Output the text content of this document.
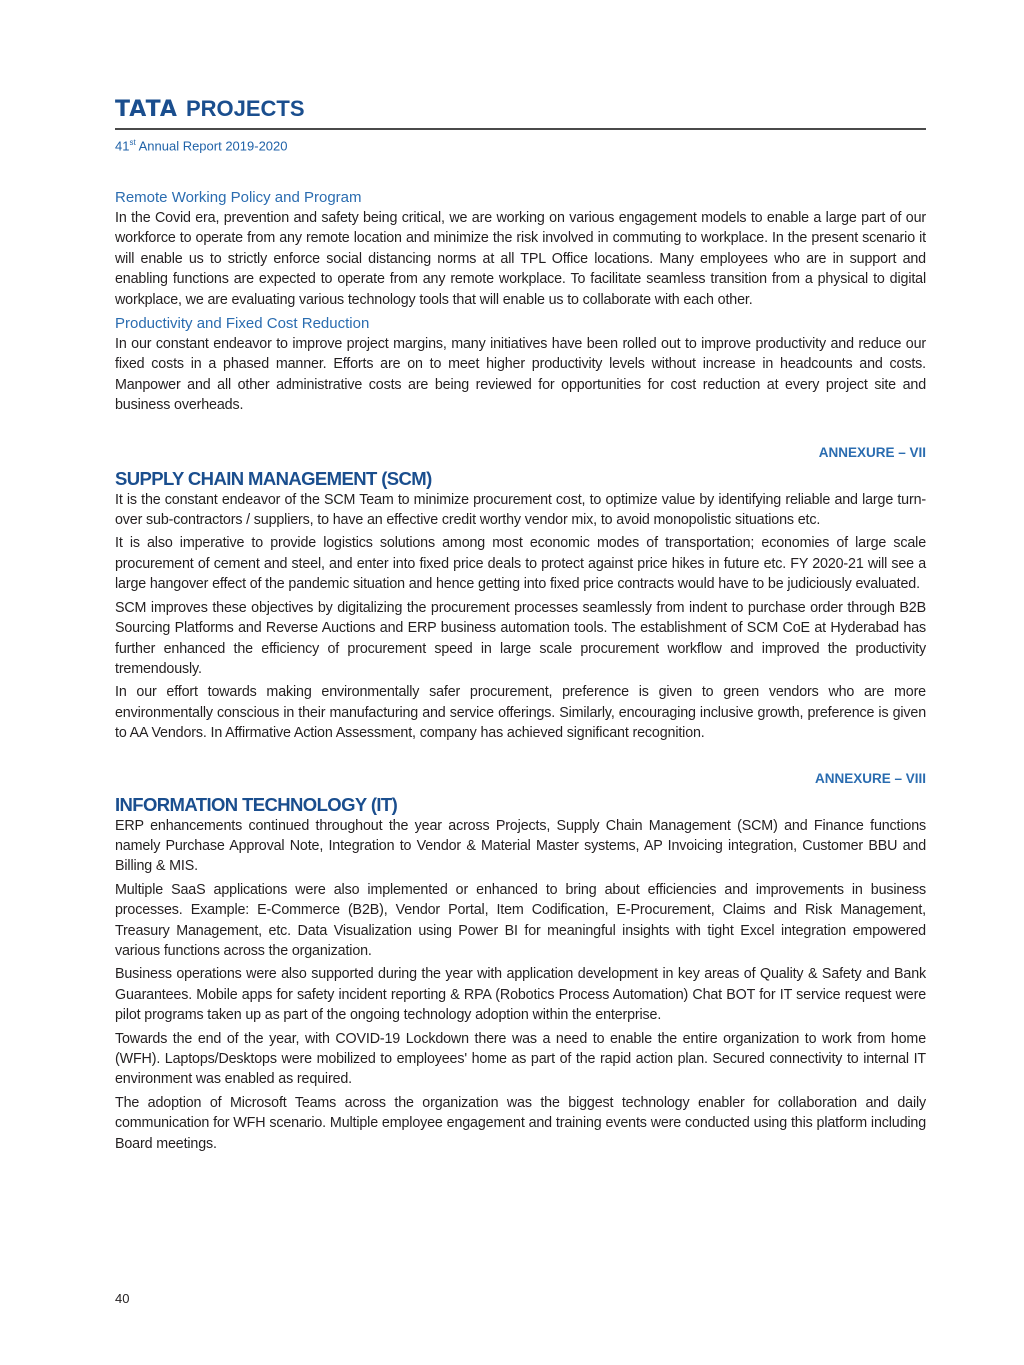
TATA PROJECTS
41st Annual Report 2019-2020
Remote Working Policy and Program

In the Covid era, prevention and safety being critical, we are working on various engagement models to enable a large part of our workforce to operate from any remote location and minimize the risk involved in commuting to workplace. In the present scenario it will enable us to strictly enforce social distancing norms at all TPL Office locations. Many employees who are in support and enabling functions are expected to operate from any remote workplace. To facilitate seamless transition from a physical to digital workplace, we are evaluating various technology tools that will enable us to collaborate with each other.

Productivity and Fixed Cost Reduction

In our constant endeavor to improve project margins, many initiatives have been rolled out to improve productivity and reduce our fixed costs in a phased manner. Efforts are on to meet higher productivity levels without increase in headcounts and costs. Manpower and all other administrative costs are being reviewed for opportunities for cost reduction at every project site and business overheads.

ANNEXURE – VII
SUPPLY CHAIN MANAGEMENT (SCM)

It is the constant endeavor of the SCM Team to minimize procurement cost, to optimize value by identifying reliable and large turn-over sub-contractors / suppliers, to have an effective credit worthy vendor mix, to avoid monopolistic situations etc.

It is also imperative to provide logistics solutions among most economic modes of transportation; economies of large scale procurement of cement and steel, and enter into fixed price deals to protect against price hikes in future etc. FY 2020-21 will see a large hangover effect of the pandemic situation and hence getting into fixed price contracts would have to be judiciously evaluated.

SCM improves these objectives by digitalizing the procurement processes seamlessly from indent to purchase order through B2B Sourcing Platforms and Reverse Auctions and ERP business automation tools. The establishment of SCM CoE at Hyderabad has further enhanced the efficiency of procurement speed in large scale procurement workflow and improved the productivity tremendously.

In our effort towards making environmentally safer procurement, preference is given to green vendors who are more environmentally conscious in their manufacturing and service offerings. Similarly, encouraging inclusive growth, preference is given to AA Vendors. In Affirmative Action Assessment, company has achieved significant recognition.

ANNEXURE – VIII
INFORMATION TECHNOLOGY (IT)

ERP enhancements continued throughout the year across Projects, Supply Chain Management (SCM) and Finance functions namely Purchase Approval Note, Integration to Vendor & Material Master systems, AP Invoicing integration, Customer BBU and Billing & MIS.

Multiple SaaS applications were also implemented or enhanced to bring about efficiencies and improvements in business processes. Example: E-Commerce (B2B), Vendor Portal, Item Codification, E-Procurement, Claims and Risk Management, Treasury Management, etc. Data Visualization using Power BI for meaningful insights with tight Excel integration empowered various functions across the organization.

Business operations were also supported during the year with application development in key areas of Quality & Safety and Bank Guarantees. Mobile apps for safety incident reporting & RPA (Robotics Process Automation) Chat BOT for IT service request were pilot programs taken up as part of the ongoing technology adoption within the enterprise.

Towards the end of the year, with COVID-19 Lockdown there was a need to enable the entire organization to work from home (WFH). Laptops/Desktops were mobilized to employees' home as part of the rapid action plan. Secured connectivity to internal IT environment was enabled as required.

The adoption of Microsoft Teams across the organization was the biggest technology enabler for collaboration and daily communication for WFH scenario. Multiple employee engagement and training events were conducted using this platform including Board meetings.

40
